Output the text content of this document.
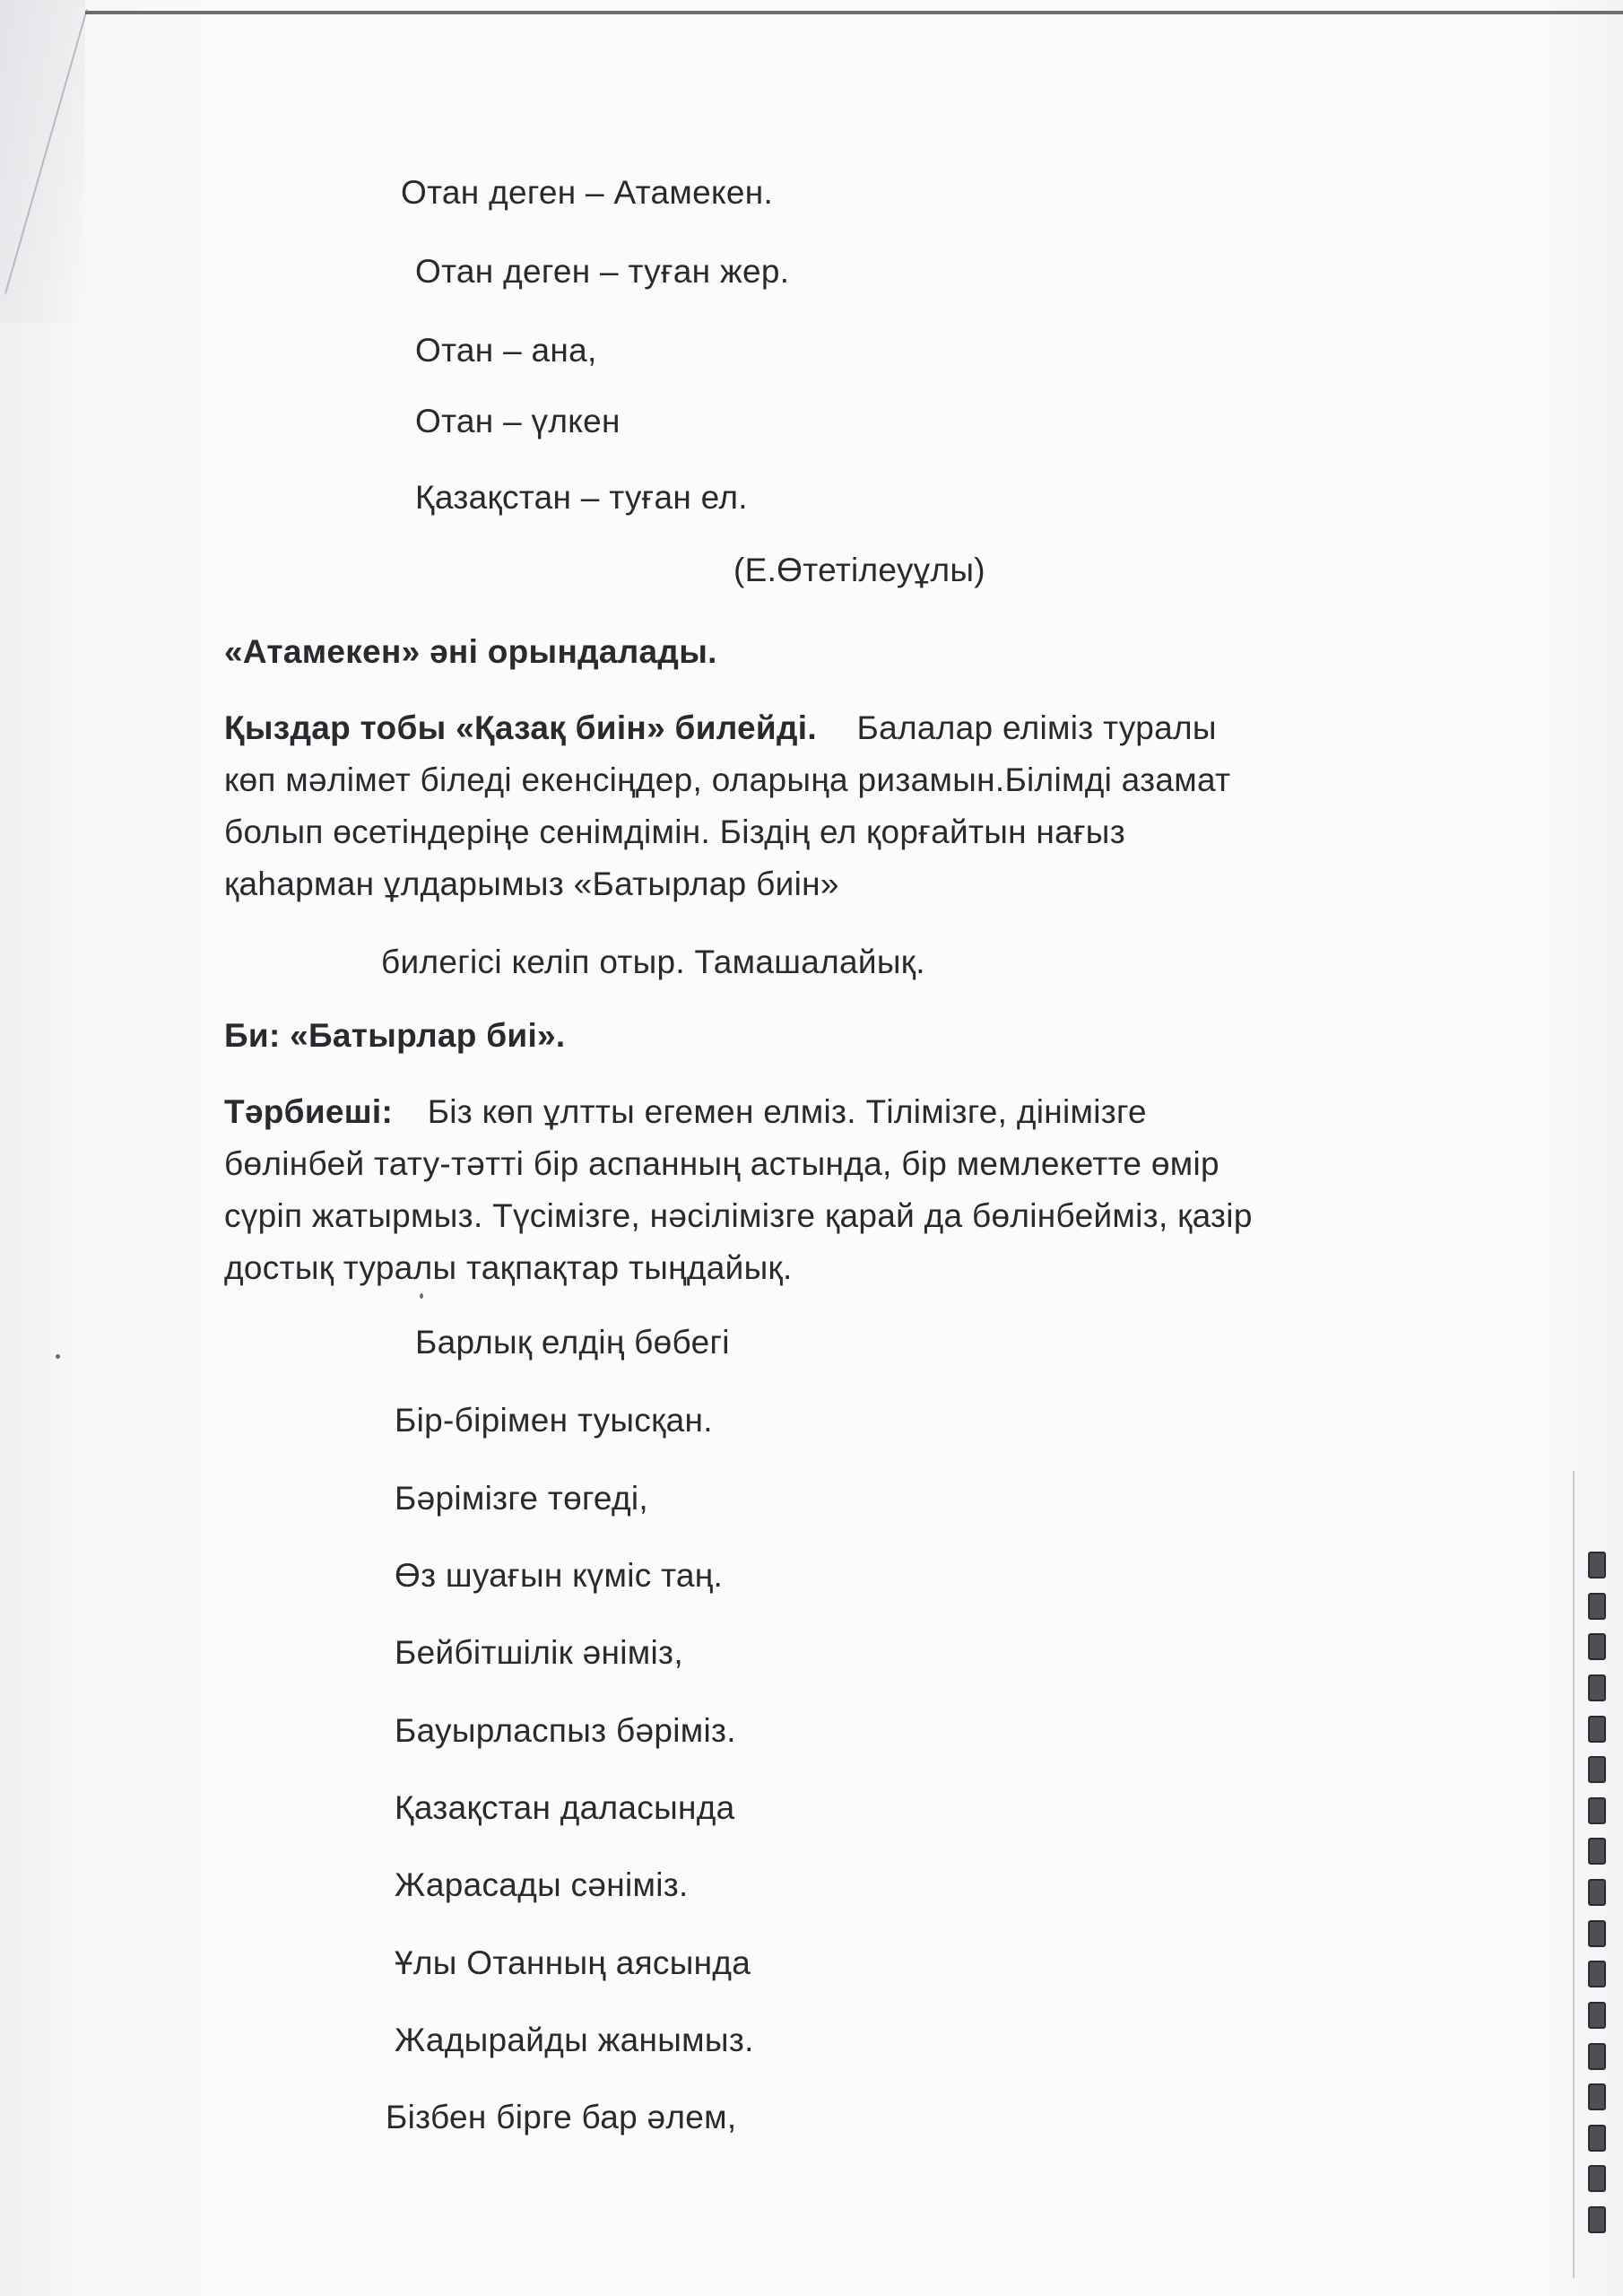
Отан деген – Атамекен.
Отан деген – туған жер.
Отан – ана,
Отан – үлкен
Қазақстан – туған ел.
(Е.Өтетілеуұлы)
«Атамекен» әні орындалады.
Қыздар тобы «Қазақ биін» билейді. Балалар еліміз туралы
көп мәлімет біледі екенсіңдер, оларыңа ризамын.Білімді азамат
болып өсетіндеріңе сенімдімін. Біздің ел қорғайтын нағыз
қаһарман ұлдарымыз «Батырлар биін»
билегісі келіп отыр. Тамашалайық.
Би: «Батырлар биі».
Тәрбиеші: Біз көп ұлтты егемен елміз. Тілімізге, дінімізге
бөлінбей тату-тәтті бір аспанның астында, бір мемлекетте өмір
сүріп жатырмыз. Түсімізге, нәсілімізге қарай да бөлінбейміз, қазір
достық туралы тақпақтар тыңдайық.
Барлық елдің бөбегі
Бір-бірімен туысқан.
Бәрімізге төгеді,
Өз шуағын күміс таң.
Бейбітшілік әніміз,
Бауырласпыз бәріміз.
Қазақстан даласында
Жарасады сәніміз.
Ұлы Отанның аясында
Жадырайды жанымыз.
Бізбен бірге бар әлем,
